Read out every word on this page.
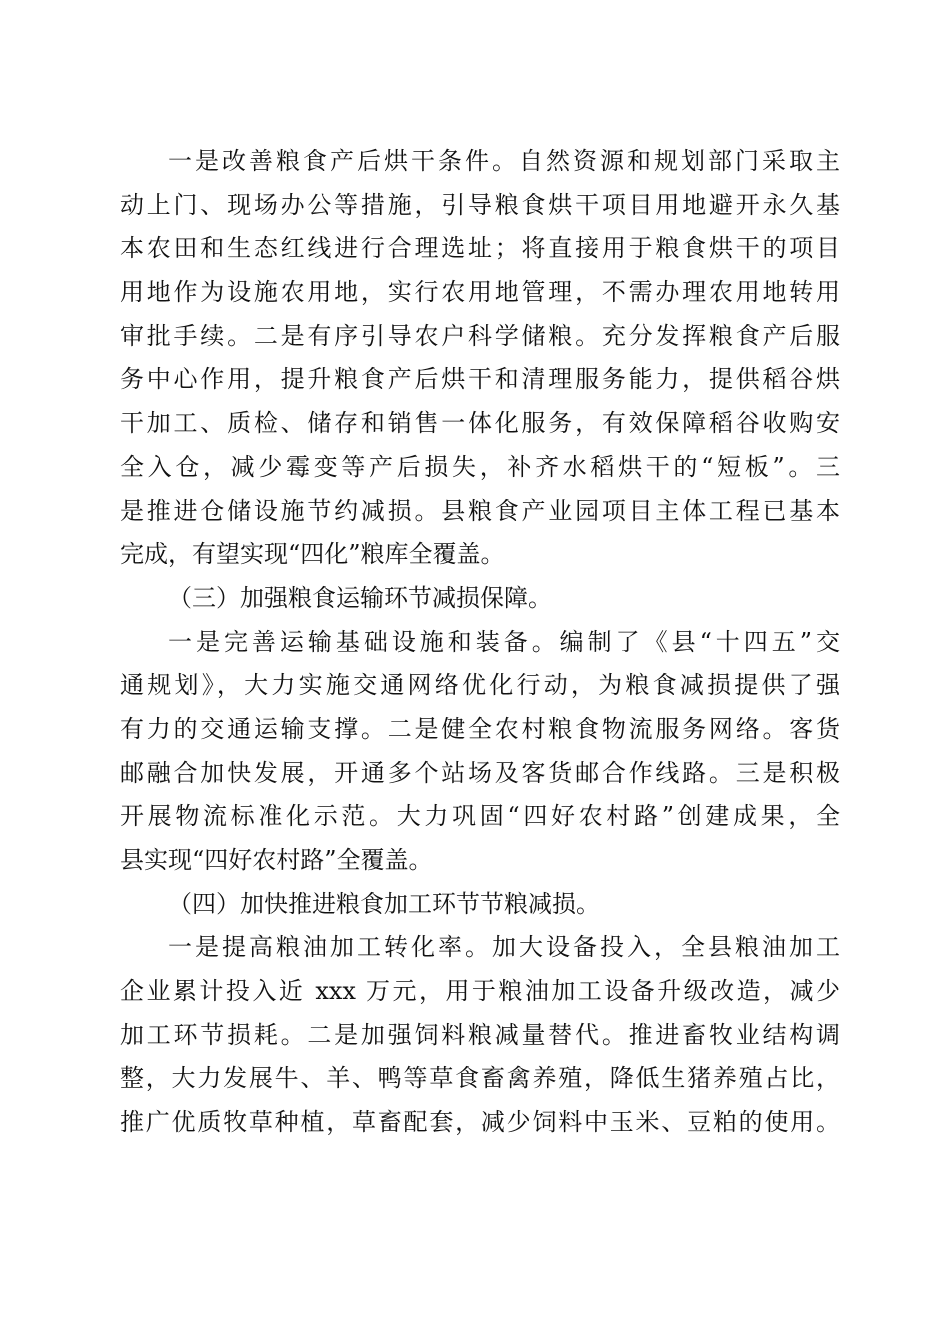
一是改善粮食产后烘干条件。自然资源和规划部门采取主
动上门、现场办公等措施，引导粮食烘干项目用地避开永久基
本农田和生态红线进行合理选址；将直接用于粮食烘干的项目
用地作为设施农用地，实行农用地管理，不需办理农用地转用
审批手续。二是有序引导农户科学储粮。充分发挥粮食产后服
务中心作用，提升粮食产后烘干和清理服务能力，提供稻谷烘
干加工、质检、储存和销售一体化服务，有效保障稻谷收购安
全入仓，减少霉变等产后损失，补齐水稻烘干的“短板”。三
是推进仓储设施节约减损。县粮食产业园项目主体工程已基本
完成，有望实现“四化”粮库全覆盖。
（三）加强粮食运输环节减损保障。
一是完善运输基础设施和装备。编制了《县“十四五”交
通规划》，大力实施交通网络优化行动，为粮食减损提供了强
有力的交通运输支撑。二是健全农村粮食物流服务网络。客货
邮融合加快发展，开通多个站场及客货邮合作线路。三是积极
开展物流标准化示范。大力巩固“四好农村路”创建成果，全
县实现“四好农村路”全覆盖。
（四）加快推进粮食加工环节节粮减损。
一是提高粮油加工转化率。加大设备投入，全县粮油加工
企业累计投入近 xxx 万元，用于粮油加工设备升级改造，减少
加工环节损耗。二是加强饲料粮减量替代。推进畜牧业结构调
整，大力发展牛、羊、鸭等草食畜禽养殖，降低生猪养殖占比，
推广优质牧草种植，草畜配套，减少饲料中玉米、豆粕的使用。
